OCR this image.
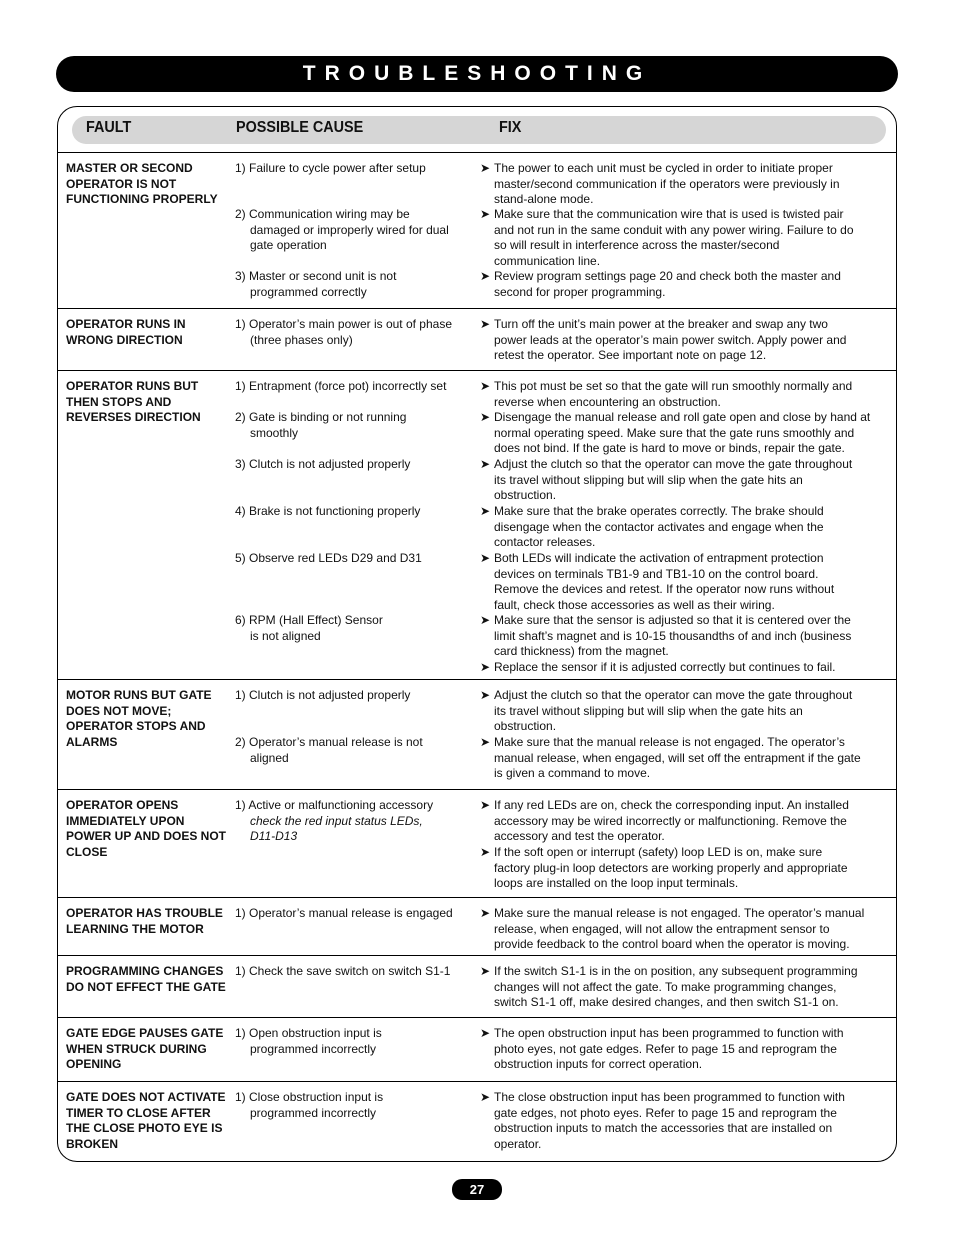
TROUBLESHOOTING
FAULT	POSSIBLE CAUSE	FIX
MASTER OR SECOND
OPERATOR IS NOT
FUNCTIONING PROPERLY
1) Failure to cycle power after setup
2) Communication wiring may be
damaged or improperly wired for dual
gate operation
3) Master or second unit is not
programmed correctly
➤ The power to each unit must be cycled in order to initiate proper
master/second communication if the operators were previously in
stand-alone mode.
➤ Make sure that the communication wire that is used is twisted pair
and not run in the same conduit with any power wiring. Failure to do
so will result in interference across the master/second
communication line.
➤ Review program settings page 20 and check both the master and
second for proper programming.
OPERATOR RUNS IN
WRONG DIRECTION
1) Operator’s main power is out of phase
(three phases only)
➤ Turn off the unit’s main power at the breaker and swap any two
power leads at the operator’s main power switch. Apply power and
retest the operator. See important note on page 12.
OPERATOR RUNS BUT
THEN STOPS AND
REVERSES DIRECTION
1) Entrapment (force pot) incorrectly set
2) Gate is binding or not running
smoothly
3) Clutch is not adjusted properly
4) Brake is not functioning properly
5) Observe red LEDs D29 and D31
6) RPM (Hall Effect) Sensor
is not aligned
➤ This pot must be set so that the gate will run smoothly normally and
reverse when encountering an obstruction.
➤ Disengage the manual release and roll gate open and close by hand at
normal operating speed. Make sure that the gate runs smoothly and
does not bind. If the gate is hard to move or binds, repair the gate.
➤ Adjust the clutch so that the operator can move the gate throughout
its travel without slipping but will slip when the gate hits an
obstruction.
➤ Make sure that the brake operates correctly. The brake should
disengage when the contactor activates and engage when the
contactor releases.
➤ Both LEDs will indicate the activation of entrapment protection
devices on terminals TB1-9 and TB1-10 on the control board.
Remove the devices and retest. If the operator now runs without
fault, check those accessories as well as their wiring.
➤ Make sure that the sensor is adjusted so that it is centered over the
limit shaft’s magnet and is 10-15 thousandths of and inch (business
card thickness) from the magnet.
➤ Replace the sensor if it is adjusted correctly but continues to fail.
MOTOR RUNS BUT GATE
DOES NOT MOVE;
OPERATOR STOPS AND
ALARMS
1) Clutch is not adjusted properly
2) Operator’s manual release is not
aligned
➤ Adjust the clutch so that the operator can move the gate throughout
its travel without slipping but will slip when the gate hits an
obstruction.
➤ Make sure that the manual release is not engaged. The operator’s
manual release, when engaged, will set off the entrapment if the gate
is given a command to move.
OPERATOR OPENS
IMMEDIATELY UPON
POWER UP AND DOES NOT
CLOSE
1) Active or malfunctioning accessory
check the red input status LEDs,
D11-D13
➤ If any red LEDs are on, check the corresponding input. An installed
accessory may be wired incorrectly or malfunctioning. Remove the
accessory and test the operator.
➤ If the soft open or interrupt (safety) loop LED is on, make sure
factory plug-in loop detectors are working properly and appropriate
loops are installed on the loop input terminals.
OPERATOR HAS TROUBLE
LEARNING THE MOTOR
1) Operator’s manual release is engaged ➤ Make sure the manual release is not engaged. The operator’s manual
release, when engaged, will not allow the entrapment sensor to
provide feedback to the control board when the operator is moving.
PROGRAMMING CHANGES
DO NOT EFFECT THE GATE
1) Check the save switch on switch S1-1 ➤ If the switch S1-1 is in the on position, any subsequent programming
changes will not affect the gate. To make programming changes,
switch S1-1 off, make desired changes, and then switch S1-1 on.
GATE EDGE PAUSES GATE
WHEN STRUCK DURING
OPENING
1) Open obstruction input is
programmed incorrectly
➤ The open obstruction input has been programmed to function with
photo eyes, not gate edges. Refer to page 15 and reprogram the
obstruction inputs for correct operation.
GATE DOES NOT ACTIVATE
TIMER TO CLOSE AFTER
THE CLOSE PHOTO EYE IS
BROKEN
1) Close obstruction input is
programmed incorrectly
➤ The close obstruction input has been programmed to function with
gate edges, not photo eyes. Refer to page 15 and reprogram the
obstruction inputs to match the accessories that are installed on
operator.
27
